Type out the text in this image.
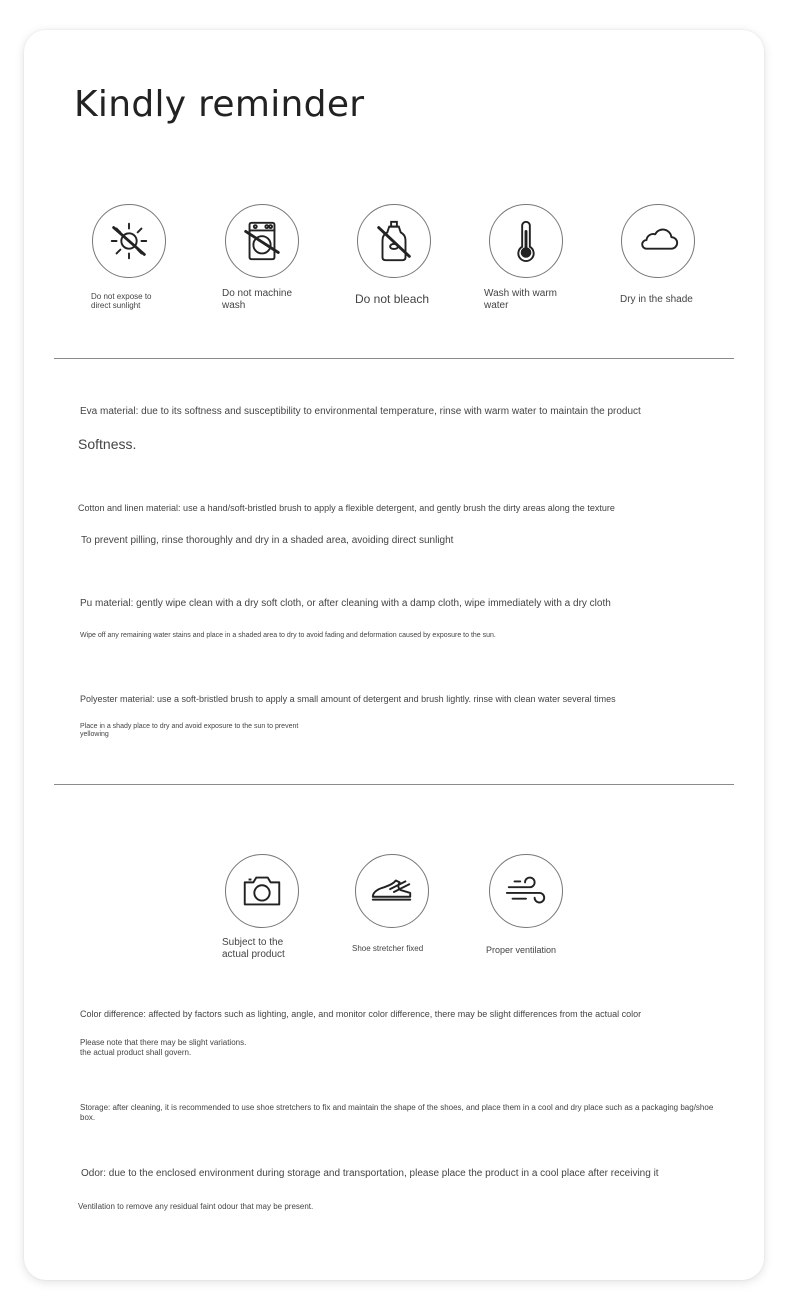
Kindly reminder
Do not expose to direct sunlight
Do not machine wash	Do not bleach	Wash with warm water	Dry in the shade
Eva material: due to its softness and susceptibility to environmental temperature, rinse with warm water to maintain the product
Softness.
Cotton and linen material: use a hand/soft-bristled brush to apply a flexible detergent, and gently brush the dirty areas along the texture
To prevent pilling, rinse thoroughly and dry in a shaded area, avoiding direct sunlight
Pu material: gently wipe clean with a dry soft cloth, or after cleaning with a damp cloth, wipe immediately with a dry cloth
Wipe off any remaining water stains and place in a shaded area to dry to avoid fading and deformation caused by exposure to the sun.
Polyester material: use a soft-bristled brush to apply a small amount of detergent and brush lightly. rinse with clean water several times
Place in a shady place to dry and avoid exposure to the sun to prevent yellowing
Subject to the actual product	Shoe stretcher fixed	Proper ventilation
Color difference: affected by factors such as lighting, angle, and monitor color difference, there may be slight differences from the actual color
Please note that there may be slight variations. the actual product shall govern.
Storage: after cleaning, it is recommended to use shoe stretchers to fix and maintain the shape of the shoes, and place them in a cool and dry place such as a packaging bag/shoe box.
Odor: due to the enclosed environment during storage and transportation, please place the product in a cool place after receiving it
Ventilation to remove any residual faint odour that may be present.
